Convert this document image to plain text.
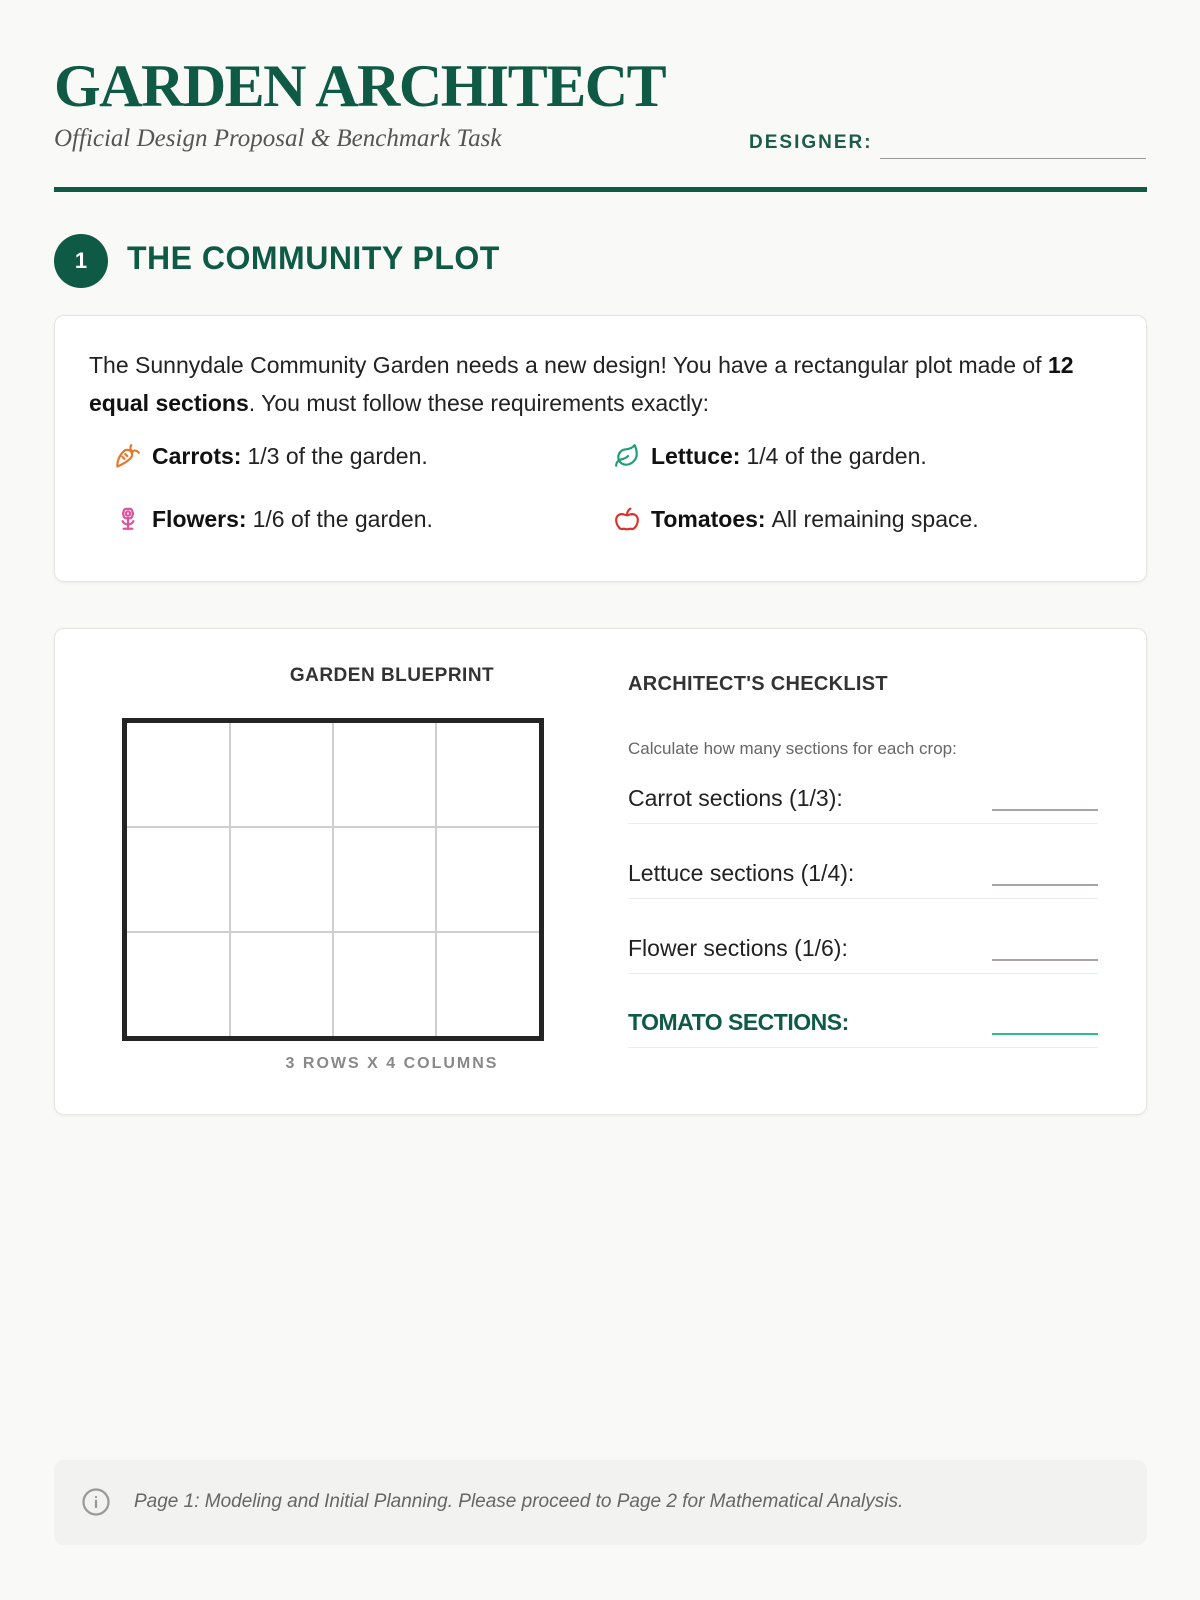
GARDEN ARCHITECT
Official Design Proposal & Benchmark Task	DESIGNER:
1	THE COMMUNITY PLOT
The Sunnydale Community Garden needs a new design! You have a rectangular plot made of 12 equal sections. You must follow these requirements exactly:
Carrots: 1/3 of the garden.	Lettuce: 1/4 of the garden.
Flowers: 1/6 of the garden.	Tomatoes: All remaining space.
GARDEN BLUEPRINT
3 ROWS X 4 COLUMNS
ARCHITECT'S CHECKLIST
Calculate how many sections for each crop:
Carrot sections (1/3):
Lettuce sections (1/4):
Flower sections (1/6):
TOMATO SECTIONS:
Page 1: Modeling and Initial Planning. Please proceed to Page 2 for Mathematical Analysis.
